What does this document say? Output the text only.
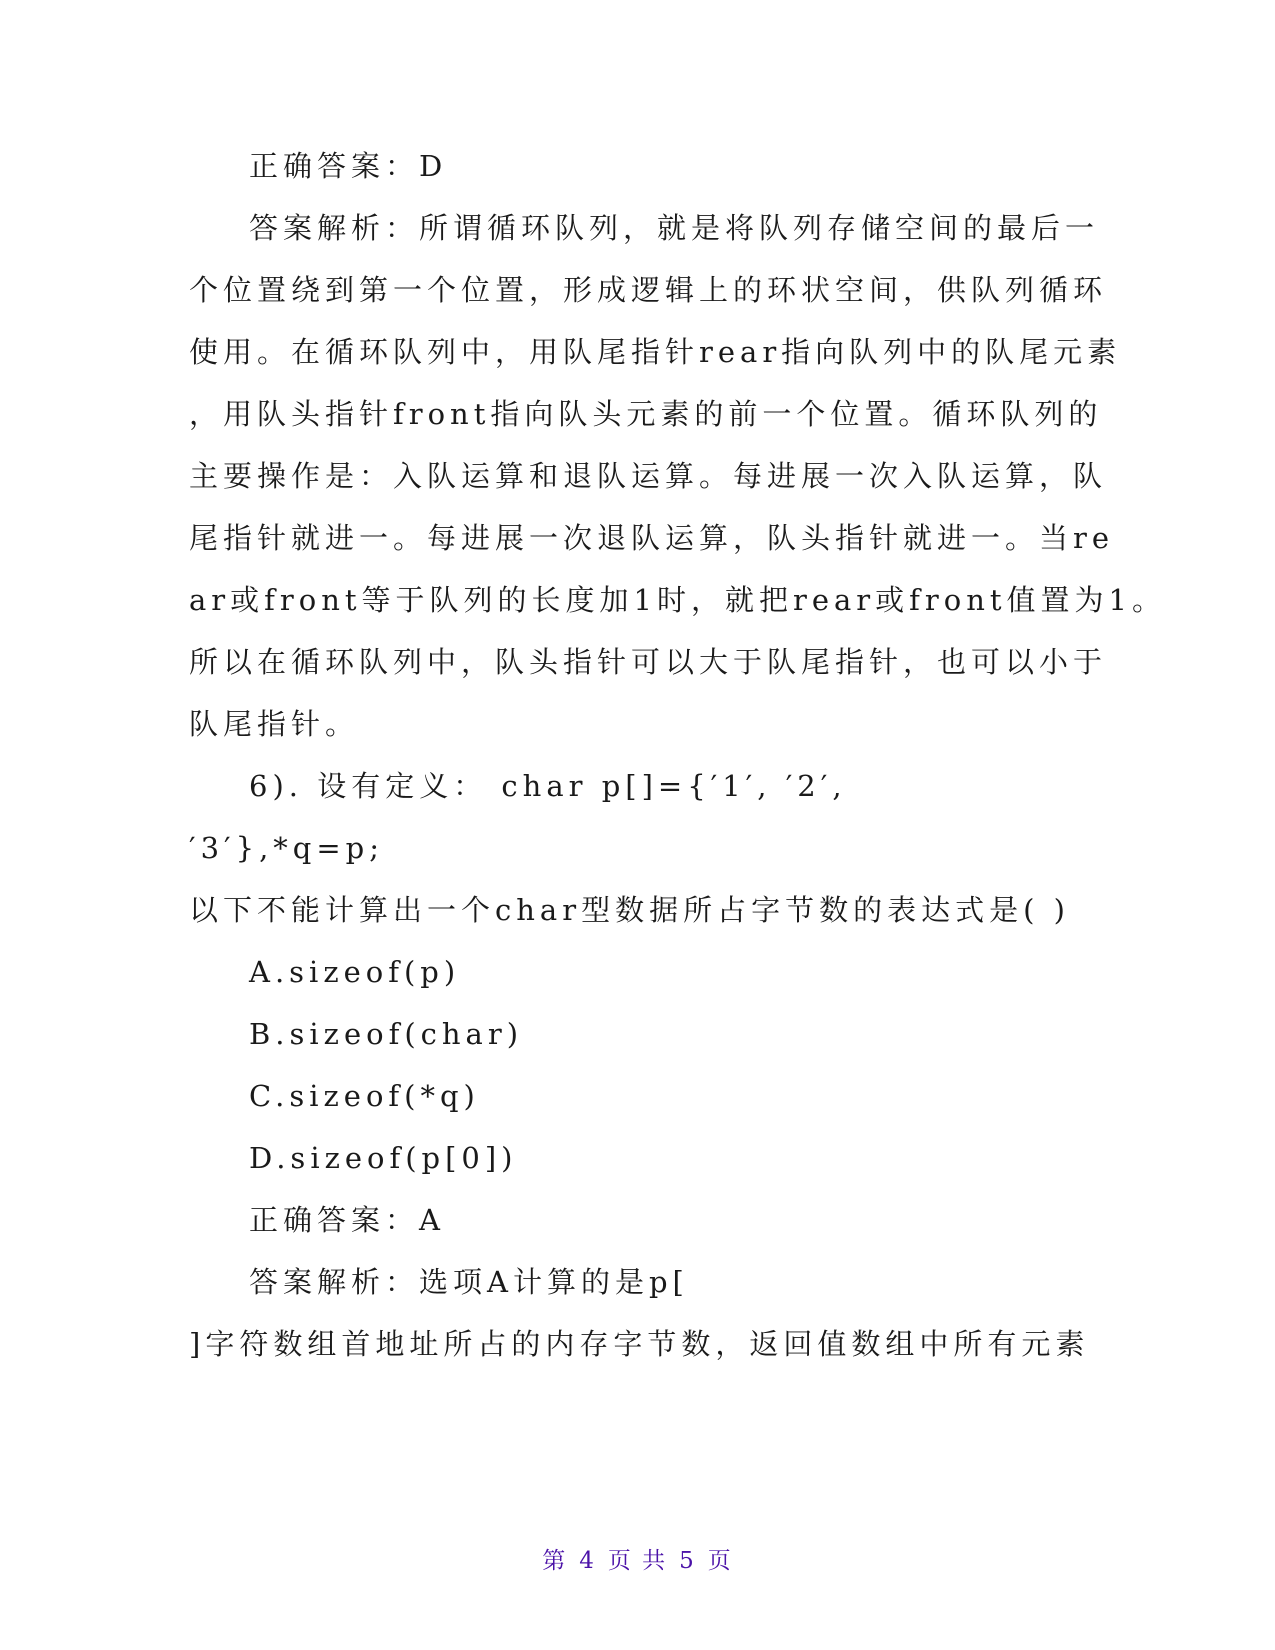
正确答案：D
答案解析：所谓循环队列，就是将队列存储空间的最后一
个位置绕到第一个位置，形成逻辑上的环状空间，供队列循环
使用。在循环队列中，用队尾指针rear指向队列中的队尾元素
，用队头指针front指向队头元素的前一个位置。循环队列的
主要操作是：入队运算和退队运算。每进展一次入队运算，队
尾指针就进一。每进展一次退队运算，队头指针就进一。当re
ar或front等于队列的长度加1时，就把rear或front值置为1。
所以在循环队列中，队头指针可以大于队尾指针，也可以小于
队尾指针。
6). 设有定义： char p[]={′1′, ′2′,
′3′},*q=p;
以下不能计算出一个char型数据所占字节数的表达式是( )
A.sizeof(p)
B.sizeof(char)
C.sizeof(*q)
D.sizeof(p[0])
正确答案：A
答案解析：选项A计算的是p[
]字符数组首地址所占的内存字节数，返回值数组中所有元素
第 4 页 共 5 页
